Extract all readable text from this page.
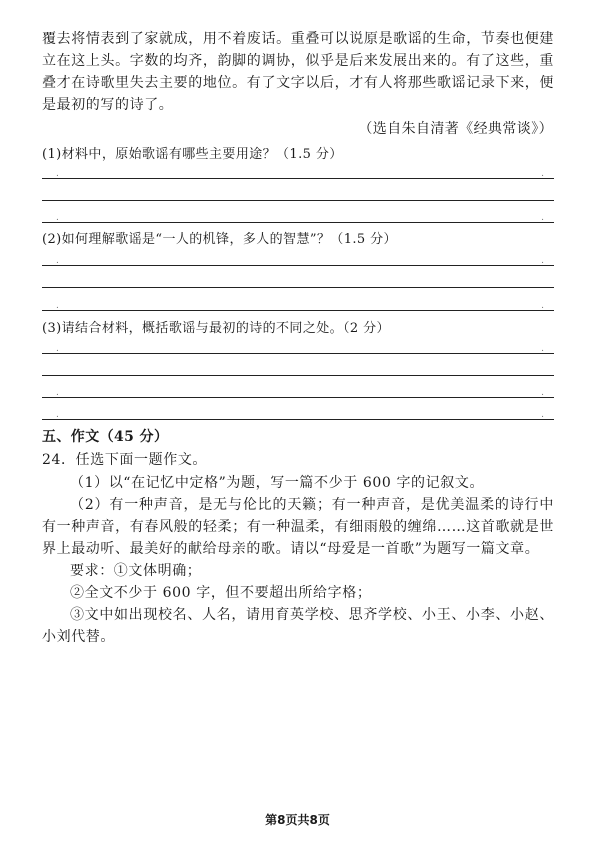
覆去将情表到了家就成，用不着废话。重叠可以说原是歌谣的生命，节奏也便建立在这上头。字数的均齐，韵脚的调协，似乎是后来发展出来的。有了这些，重叠才在诗歌里失去主要的地位。有了文字以后，才有人将那些歌谣记录下来，便是最初的写的诗了。

（选自朱自清著《经典常谈》）
(1)材料中，原始歌谣有哪些主要用途？（1.5 分）
.	.
.	.
(2)如何理解歌谣是“一人的机锋，多人的智慧”？（1.5 分）
.	.
.	.
(3)请结合材料，概括歌谣与最初的诗的不同之处。（2 分）
.	.
.	.
.	.
五、作文（45 分）

24．任选下面一题作文。

（1）以“在记忆中定格”为题，写一篇不少于 600 字的记叙文。

（2）有一种声音，是无与伦比的天籁；有一种声音，是优美温柔的诗行中有一种声音，有春风般的轻柔；有一种温柔，有细雨般的缠绵……这首歌就是世界上最动听、最美好的献给母亲的歌。请以“母爱是一首歌”为题写一篇文章。

要求：①文体明确；

②全文不少于 600 字，但不要超出所给字格；

③文中如出现校名、人名，请用育英学校、思齐学校、小王、小李、小赵、小刘代替。

第8页共8页
